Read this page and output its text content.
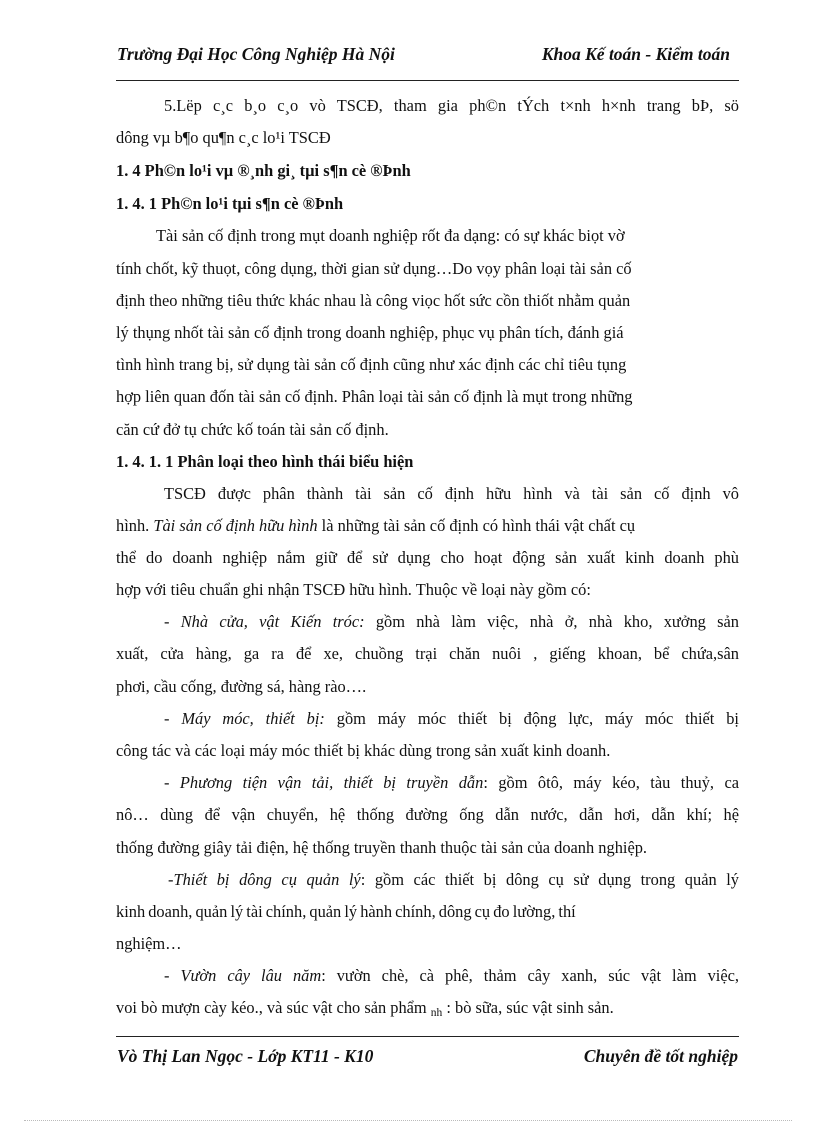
Trường Đại Học Công Nghiệp Hà Nội	Khoa Kế toán - Kiểm toán
5.Lëp c¸c b¸o c¸o vò TSCĐ, tham gia ph©n tÝch t×nh h×nh trang bÞ, sö
dông vµ b¶o qu¶n c¸c lo¹i TSCĐ
1. 4 Ph©n lo¹i vµ ®¸nh gi¸ tµi s¶n cè ®Þnh
1. 4. 1 Ph©n lo¹i tµi s¶n cè ®Þnh
Tài sản cố định trong mụt doanh nghiệp rốt đa dạng: có sự khác biọt vờ
tính chốt, kỹ thuọt, công dụng, thời gian sử dụng…Do vọy phân loại tài sản cố
định theo những tiêu thức khác nhau là công viọc hốt sức cồn thiốt nhằm quản
lý thụng nhốt tài sản cố định trong doanh nghiệp, phục vụ phân tích, đánh giá
tình hình trang bị, sử dụng tài sản cố định cũng như xác định các chỉ tiêu tụng
hợp liên quan đốn tài sản cố định. Phân loại tài sản cố định là mụt trong những
căn cứ đở tụ chức kố toán tài sản cố định.
1. 4. 1. 1 Phân loại theo hình thái biểu hiện
TSCĐ được phân thành tài sản cố định hữu hình và tài sản cố định vô
hình. Tài sản cố định hữu hình là những tài sản cố định có hình thái vật chất cụ
thể do doanh nghiệp nắm giữ để sử dụng cho hoạt động sản xuất kinh doanh phù
hợp với tiêu chuẩn ghi nhận TSCĐ hữu hình. Thuộc về loại này gồm có:
- Nhà cửa, vật Kiến tróc: gồm nhà làm việc, nhà ở, nhà kho, xưởng sản
xuất, cửa hàng, ga ra để xe, chuồng trại chăn nuôi , giếng khoan, bể chứa,sân
phơi, cầu cống, đường sá, hàng rào….
- Máy móc, thiết bị: gồm máy móc thiết bị động lực, máy móc thiết bị
công tác và các loại máy móc thiết bị khác dùng trong sản xuất kinh doanh.
- Phương tiện vận tải, thiết bị truyền dẫn: gồm ôtô, máy kéo, tàu thuỷ, ca
nô… dùng để vận chuyển, hệ thống đường ống dẫn nước, dẫn hơi, dẫn khí; hệ
thống đường giây tải điện, hệ thống truyền thanh thuộc tài sản của doanh nghiệp.
-Thiết bị dông cụ quản lý: gồm các thiết bị dông cụ sử dụng trong quản lý
kinh doanh, quản lý tài chính, quản lý hành chính, dông cụ đo lường, thí
nghiệm…
- Vườn cây lâu năm: vườn chè, cà phê, thảm cây xanh, súc vật làm việc,
voi bò mượn cày kéo., và súc vật cho sản phẩm nh : bò sữa, súc vật sinh sản.
Vò Thị Lan Ngọc - Lớp KT11 - K10	Chuyên đề tốt nghiệp
